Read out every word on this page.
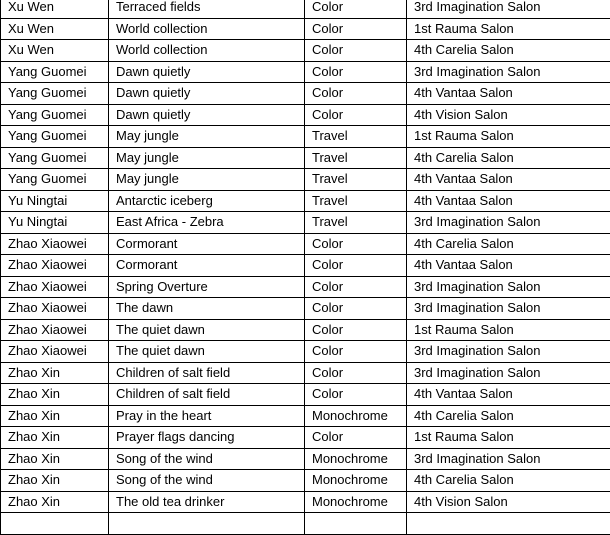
Xu Wen	Terraced fields	Color	3rd Imagination Salon
Xu Wen	World collection	Color	1st Rauma Salon
Xu Wen	World collection	Color	4th Carelia Salon
Yang Guomei	Dawn quietly	Color	3rd Imagination Salon
Yang Guomei	Dawn quietly	Color	4th Vantaa Salon
Yang Guomei	Dawn quietly	Color	4th Vision Salon
Yang Guomei	May jungle	Travel	1st Rauma Salon
Yang Guomei	May jungle	Travel	4th Carelia Salon
Yang Guomei	May jungle	Travel	4th Vantaa Salon
Yu Ningtai	Antarctic iceberg	Travel	4th Vantaa Salon
Yu Ningtai	East Africa - Zebra	Travel	3rd Imagination Salon
Zhao Xiaowei	Cormorant	Color	4th Carelia Salon
Zhao Xiaowei	Cormorant	Color	4th Vantaa Salon
Zhao Xiaowei	Spring Overture	Color	3rd Imagination Salon
Zhao Xiaowei	The dawn	Color	3rd Imagination Salon
Zhao Xiaowei	The quiet dawn	Color	1st Rauma Salon
Zhao Xiaowei	The quiet dawn	Color	3rd Imagination Salon
Zhao Xin	Children of salt field	Color	3rd Imagination Salon
Zhao Xin	Children of salt field	Color	4th Vantaa Salon
Zhao Xin	Pray in the heart	Monochrome	4th Carelia Salon
Zhao Xin	Prayer flags dancing	Color	1st Rauma Salon
Zhao Xin	Song of the wind	Monochrome	3rd Imagination Salon
Zhao Xin	Song of the wind	Monochrome	4th Carelia Salon
Zhao Xin	The old tea drinker	Monochrome	4th Vision Salon
